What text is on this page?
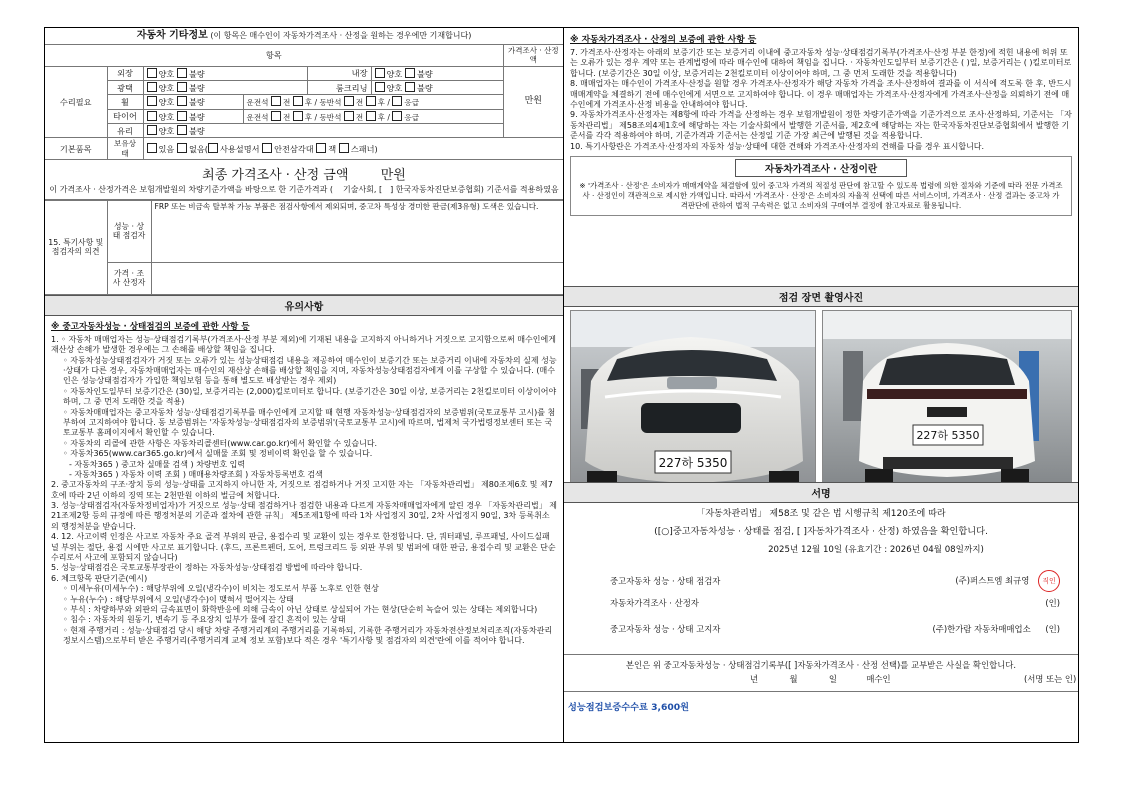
자동차 기타정보 (이 항목은 매수인이 자동차가격조사 · 산정을 원하는 경우에만 기재합니다)						
항목						가격조사 · 산정액
수리필요	외장	양호 불량		내장	양호 불량	만원
	광택	양호 불량		룸크리닝	양호 불량	
	휠	양호 불량	운전석 전 후 / 동반석 전 후 / 응급			
	타이어	양호 불량	운전석 전 후 / 동반석 전 후 / 응급			
	유리	양호 불량				
기본품목	보유상태	있음 없음( 사용설명서 안전삼각대 잭 스패너)				
최종 가격조사 · 산정 금액 만원
이 가격조사 · 산정가격은 보험개발원의 차량기준가액을 바탕으로 한 기준가격과 ( 기술사회, [ ] 한국자동차진단보증협회) 기준서를 적용하였음
15. 특기사항 및 점검자의 의견	성능 · 상태 점검자	FRP 또는 비금속 탈부착 가능 부품은 점검사항에서 제외되며, 중고차 특성상 경미한 판금(제3유형) 도색은 있습니다.
	가격 · 조사 산정자	
유의사항
※ 중고자동차성능 · 상태점검의 보증에 관한 사항 등
1. ◦ 자동차 매매업자는 성능·상태점검기록부(가격조사·산정 부분 제외)에 기재된 내용을 고지하지 아니하거나 거짓으로 고지함으로써 매수인에게 재산상 손해가 발생한 경우에는 그 손해를 배상할 책임을 집니다.
◦ 자동차성능상태점검자가 거짓 또는 오류가 있는 성능상태점검 내용을 제공하여 매수인이 보증기간 또는 보증거리 이내에 자동차의 실제 성능·상태가 다른 경우, 자동차매매업자는 매수인의 재산상 손해를 배상할 책임을 지며, 자동차성능상태점검자에게 이를 구상할 수 있습니다. (매수인은 성능상태점검자가 가입한 책임보험 등을 통해 별도로 배상받는 경우 제외)
◦ 자동차인도일부터 보증기간은 (30)일, 보증거리는 (2,000)킬로미터로 합니다. (보증기간은 30일 이상, 보증거리는 2천킬로미터 이상이어야 하며, 그 중 먼저 도래한 것을 적용)
◦ 자동차매매업자는 중고자동차 성능·상태점검기록부를 매수인에게 고지할 때 현행 자동차성능·상태점검자의 보증범위(국토교통부 고시)를 첨부하여 고지하여야 합니다. 동 보증범위는 '자동차성능·상태점검자의 보증범위'(국토교통부 고시)에 따르며, 법제처 국가법령정보센터 또는 국토교통부 홈페이지에서 확인할 수 있습니다.
◦ 자동차의 리콜에 관한 사항은 자동차리콜센터(www.car.go.kr)에서 확인할 수 있습니다.
◦ 자동차365(www.car365.go.kr)에서 실매물 조회 및 정비이력 확인을 할 수 있습니다.
- 자동차365 ) 중고차 실매물 검색 ) 차량번호 입력
- 자동차365 ) 자동차 이력 조회 ) 매매용차량조회 ) 자동차등록번호 검색
2. 중고자동차의 구조·장치 등의 성능·상태를 고지하지 아니한 자, 거짓으로 점검하거나 거짓 고지한 자는 「자동차관리법」 제80조제6호 및 제7호에 따라 2년 이하의 징역 또는 2천만원 이하의 벌금에 처합니다.
3. 성능·상태점검자(자동차정비업자)가 거짓으로 성능·상태 점검하거나 점검한 내용과 다르게 자동차매매업자에게 알린 경우 「자동차관리법」 제21조제2항 등의 규정에 따른 행정처분의 기준과 절차에 관한 규칙」 제5조제1항에 따라 1차 사업정지 30일, 2차 사업정지 90일, 3차 등록취소의 행정처분을 받습니다.
4. 12. 사고이력 인정은 사고로 자동차 주요 골격 부위의 판금, 용접수리 및 교환이 있는 경우로 한정합니다. 단, 쿼터패널, 루프패널, 사이드실패널 부위는 절단, 용접 시에만 사고로 표기합니다. (후드, 프론트펜더, 도어, 트렁크리드 등 외판 부위 및 범퍼에 대한 판금, 용접수리 및 교환은 단순수리로서 사고에 포함되지 않습니다)
5. 성능·상태점검은 국토교통부장관이 정하는 자동차성능·상태점검 방법에 따라야 합니다.
6. 체크항목 판단기준(예시)
◦ 미세누유(미세누수) : 해당부위에 오일(냉각수)이 비치는 정도로서 부품 노후로 인한 현상
◦ 누유(누수) : 해당부위에서 오일(냉각수)이 맺혀서 떨어지는 상태
◦ 부식 : 차량하부와 외판의 금속표면이 화학반응에 의해 금속이 아닌 상태로 상실되어 가는 현상(단순히 녹슬어 있는 상태는 제외합니다)
◦ 침수 : 자동차의 원동기, 변속기 등 주요장치 일부가 물에 잠긴 흔적이 있는 상태
◦ 현재 주행거리 : 성능·상태점검 당시 해당 차량 주행거리계의 주행거리를 기록하되, 기록한 주행거리가 자동차전산정보처리조직(자동차관리정보시스템)으로부터 받은 주행거리(주행거리계 교체 정보 포함)보다 적은 경우 '특기사항 및 점검자의 의견'란에 이를 적어야 합니다.
※ 자동차가격조사 · 산정의 보증에 관한 사항 등
7. 가격조사·산정자는 아래의 보증기간 또는 보증거리 이내에 중고자동차 성능·상태점검기록부(가격조사·산정 부분 한정)에 적힌 내용에 허위 또는 오류가 있는 경우 계약 또는 관계법령에 따라 매수인에 대하여 책임을 집니다. · 자동차인도일부터 보증기간은 ( )일, 보증거리는 ( )킬로미터로 합니다. (보증기간은 30일 이상, 보증거리는 2천킬로미터 이상이어야 하며, 그 중 먼저 도래한 것을 적용합니다)
8. 매매업자는 매수인이 가격조사·산정을 원할 경우 가격조사·산정자가 해당 자동차 가격을 조사·산정하여 결과를 이 서식에 적도록 한 후, 반드시 매매계약을 체결하기 전에 매수인에게 서면으로 고지하여야 합니다. 이 경우 매매업자는 가격조사·산정자에게 가격조사·산정을 의뢰하기 전에 매수인에게 가격조사·산정 비용을 안내하여야 합니다.
9. 자동차가격조사·산정자는 제8항에 따라 가격을 산정하는 경우 보험개발원이 정한 차량기준가액을 기준가격으로 조사·산정하되, 기준서는 「자동차관리법」 제58조의4제1호에 해당하는 자는 기술사회에서 발행한 기준서를, 제2호에 해당하는 자는 한국자동차진단보증협회에서 발행한 기준서를 각각 적용하여야 하며, 기준가격과 기준서는 산정일 기준 가장 최근에 발행된 것을 적용합니다.
10. 특기사항란은 가격조사·산정자의 자동차 성능·상태에 대한 견해와 가격조사·산정자의 견해를 다를 경우 표시합니다.
자동차가격조사 · 산정이란
※ '가격조사 · 산정'은 소비자가 매매계약을 체결함에 있어 중고차 가격의 적절성 판단에 참고할 수 있도록 법령에 의한 절차와 기준에 따라 전문 가격조사 · 산정인이 객관적으로 제시한 가액입니다. 따라서 '가격조사 · 산정'은 소비자의 자율적 선택에 따른 서비스이며, 가격조사 · 산정 결과는 중고차 가격판단에 관하여 법적 구속력은 없고 소비자의 구매여부 결정에 참고자료로 활용됩니다.
점검 장면 촬영사진
227하 5350
227하 5350
서명
「자동차관리법」 제58조 및 같은 법 시행규칙 제120조에 따라
([○]중고자동차성능 · 상태를 점검, [ ]자동차가격조사 · 산정) 하였음을 확인합니다.
2025년 12월 10일 (유효기간 : 2026년 04월 08일까지)
중고자동차 성능 · 상태 점검자	(주)퍼스트엠 최규영 직인
자동차가격조사 · 산정자	(인)
중고자동차 성능 · 상태 고지자	(주)한가람 자동차매매업소 (인)
본인은 위 중고자동차성능 · 상태점검기록부([ ]자동차가격조사 · 산정 선택)를 교부받은 사실을 확인합니다.
년	월	일	매수인	(서명 또는 인)
성능점검보증수수료 3,600원
